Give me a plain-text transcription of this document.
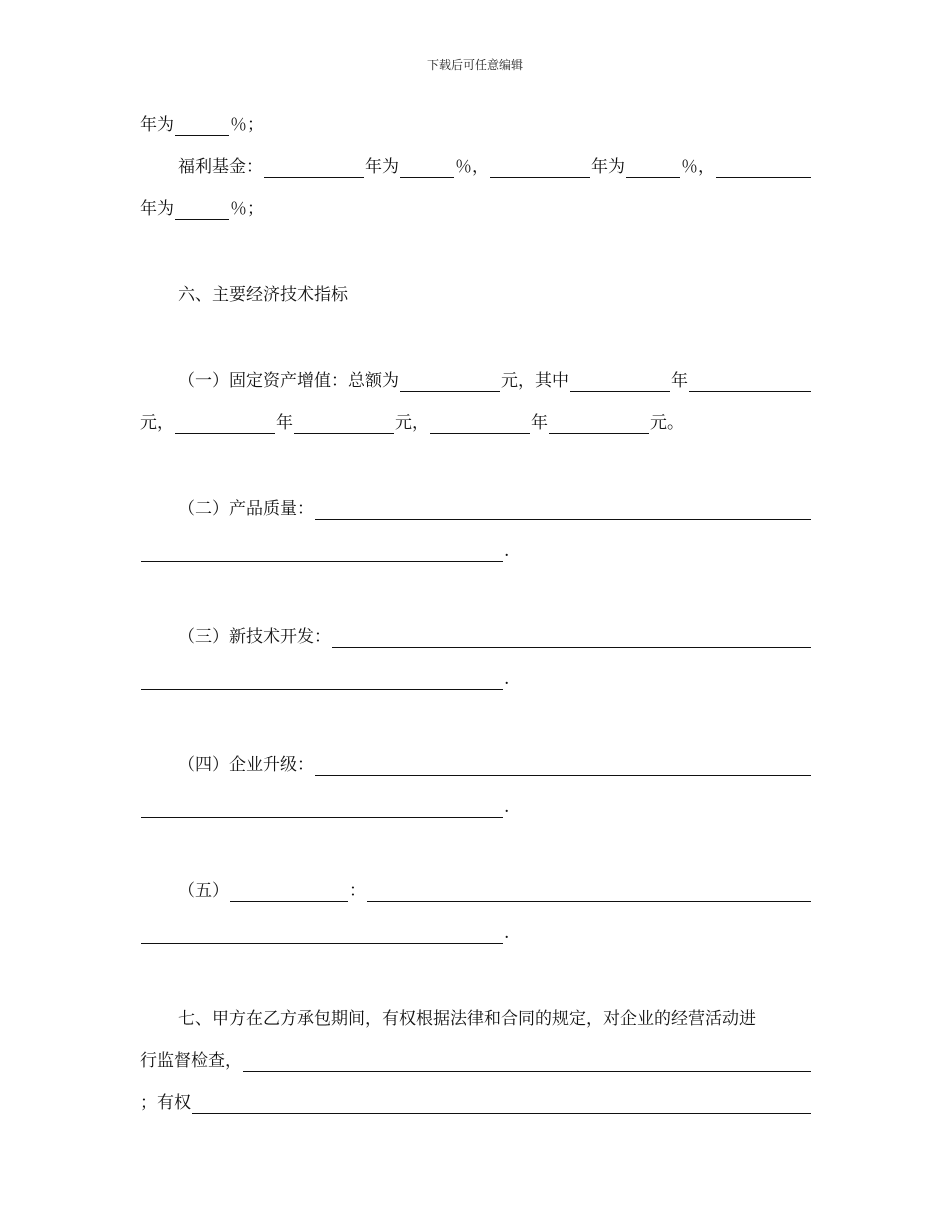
下载后可任意编辑
年为	％；
福利基金：	年为	％，	年为	％，
年为	％；
六、主要经济技术指标
（一）固定资产增值：总额为	元，其中	年
元，	年	元，	年	元。
（二）产品质量：
.
（三）新技术开发：
.
（四）企业升级：
.
（五）	：
.
七、甲方在乙方承包期间，有权根据法律和合同的规定，对企业的经营活动进
行监督检查，
；有权
